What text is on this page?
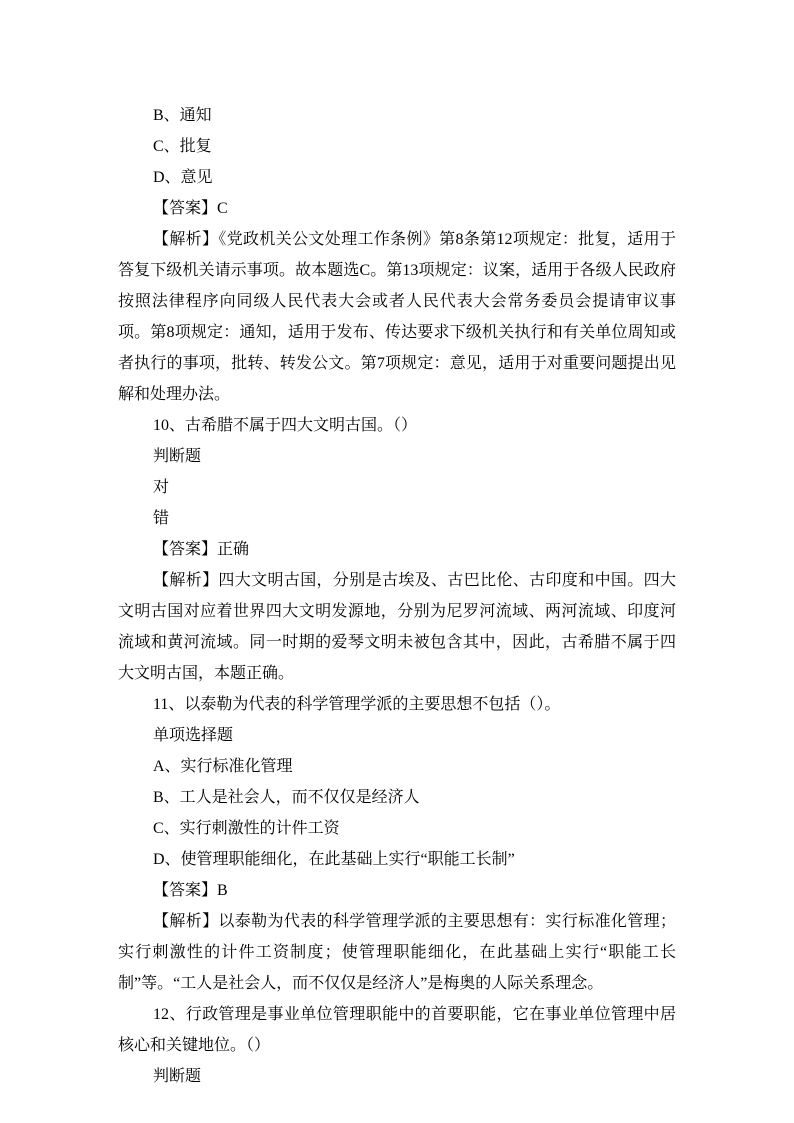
B、通知

C、批复

D、意见

【答案】C

【解析】《党政机关公文处理工作条例》第8条第12项规定：批复，适用于答复下级机关请示事项。故本题选C。第13项规定：议案，适用于各级人民政府按照法律程序向同级人民代表大会或者人民代表大会常务委员会提请审议事项。第8项规定：通知，适用于发布、传达要求下级机关执行和有关单位周知或者执行的事项，批转、转发公文。第7项规定：意见，适用于对重要问题提出见解和处理办法。

10、古希腊不属于四大文明古国。（）

判断题

对

错

【答案】正确

【解析】四大文明古国，分别是古埃及、古巴比伦、古印度和中国。四大文明古国对应着世界四大文明发源地，分别为尼罗河流域、两河流域、印度河流域和黄河流域。同一时期的爱琴文明未被包含其中，因此，古希腊不属于四大文明古国，本题正确。

11、以泰勒为代表的科学管理学派的主要思想不包括（）。

单项选择题

A、实行标准化管理

B、工人是社会人，而不仅仅是经济人

C、实行刺激性的计件工资

D、使管理职能细化，在此基础上实行“职能工长制”

【答案】B

【解析】以泰勒为代表的科学管理学派的主要思想有：实行标准化管理；实行刺激性的计件工资制度；使管理职能细化，在此基础上实行“职能工长制”等。“工人是社会人，而不仅仅是经济人”是梅奥的人际关系理念。

12、行政管理是事业单位管理职能中的首要职能，它在事业单位管理中居核心和关键地位。（）

判断题
